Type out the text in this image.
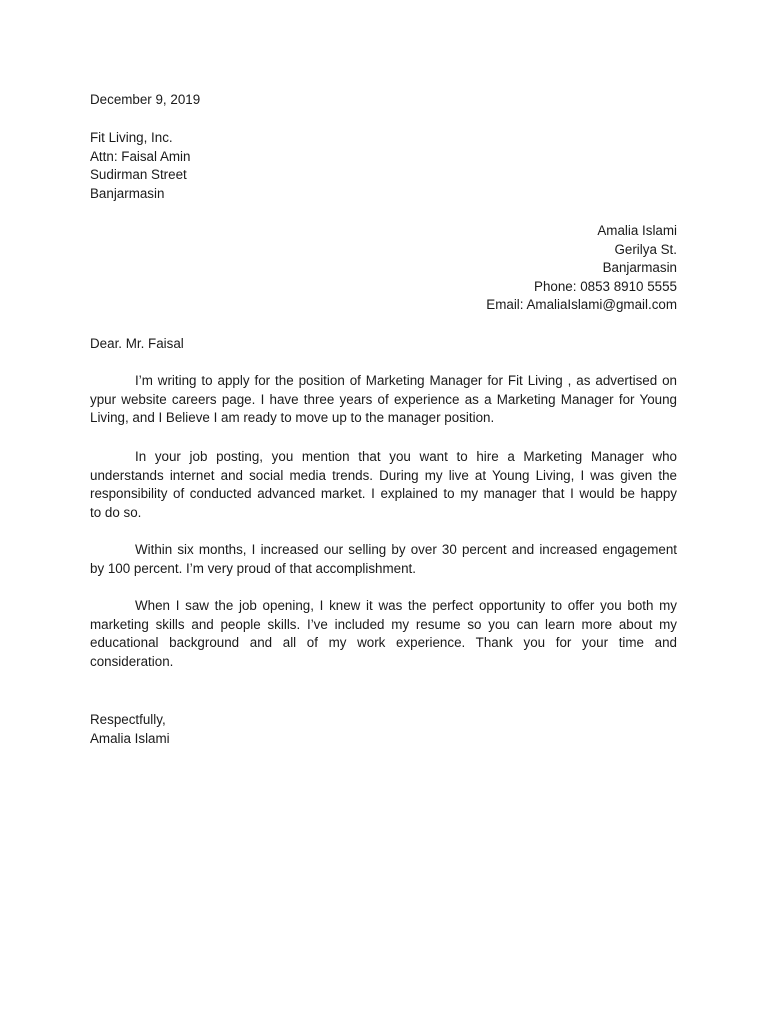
December 9, 2019
Fit Living, Inc.
Attn: Faisal Amin
Sudirman Street
Banjarmasin
Amalia Islami
Gerilya St.
Banjarmasin
Phone: 0853 8910 5555
Email: AmaliaIslami@gmail.com
Dear. Mr. Faisal
I’m writing to apply for the position of Marketing Manager for Fit Living , as advertised on
ypur website careers page. I have three years of experience as a Marketing Manager for Young
Living, and I Believe I am ready to move up to the manager position.
In your job posting, you mention that you want to hire a Marketing Manager who
understands internet and social media trends. During my live at Young Living, I was given the
responsibility of conducted advanced market. I explained to my manager that I would be happy
to do so.
Within six months, I increased our selling by over 30 percent and increased engagement
by 100 percent. I’m very proud of that accomplishment.
When I saw the job opening, I knew it was the perfect opportunity to offer you both my
marketing skills and people skills. I’ve included my resume so you can learn more about my
educational background and all of my work experience. Thank you for your time and
consideration.
Respectfully,
Amalia Islami
